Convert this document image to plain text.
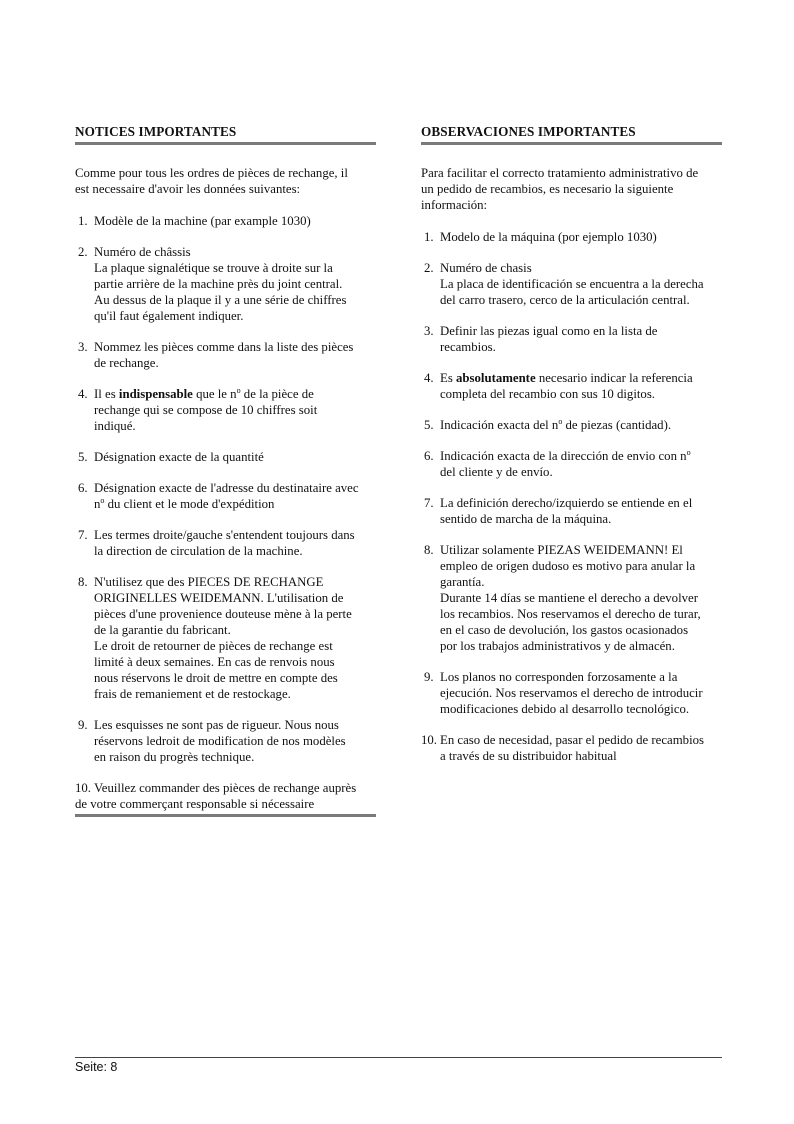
NOTICES IMPORTANTES

Comme pour tous les ordres de pièces de rechange, il
est necessaire d'avoir les données suivantes:

1. Modèle de la machine (par example 1030)
2. Numéro de châssis
La plaque signalétique se trouve à droite sur la
partie arrière de la machine près du joint central.
Au dessus de la plaque il y a une série de chiffres
qu'il faut également indiquer.
3. Nommez les pièces comme dans la liste des pièces
de rechange.
4. Il es indispensable que le $n^o$ de la pièce de
rechange qui se compose de 10 chiffres soit
indiqué.
5. Désignation exacte de la quantité
6. Désignation exacte de l'adresse du destinataire avec
$n^o$ du client et le mode d'expédition
7. Les termes droite/gauche s'entendent toujours dans
la direction de circulation de la machine.
8. N'utilisez que des PIECES DE RECHANGE
ORIGINELLES WEIDEMANN. L'utilisation de
pièces d'une provenience douteuse mène à la perte
de la garantie du fabricant.
Le droit de retourner de pièces de rechange est
limité à deux semaines. En cas de renvois nous
nous réservons le droit de mettre en compte des
frais de remaniement et de restockage.
9. Les esquisses ne sont pas de rigueur. Nous nous
réservons ledroit de modification de nos modèles
en raison du progrès technique.
10. Veuillez commander des pièces de rechange auprès
de votre commerçant responsable si nécessaire
OBSERVACIONES IMPORTANTES

Para facilitar el correcto tratamiento administrativo de
un pedido de recambios, es necesario la siguiente
información:

1. Modelo de la máquina (por ejemplo 1030)
2. Numéro de chasis
La placa de identificación se encuentra a la derecha
del carro trasero, cerco de la articulación central.
3. Definir las piezas igual como en la lista de
recambios.
4. Es absolutamente necesario indicar la referencia
completa del recambio con sus 10 digitos.
5. Indicación exacta del $n^o$ de piezas (cantidad).
6. Indicación exacta de la dirección de envio con $n^o$
del cliente y de envío.
7. La definición derecho/izquierdo se entiende en el
sentido de marcha de la máquina.
8. Utilizar solamente PIEZAS WEIDEMANN! El
empleo de origen dudoso es motivo para anular la
garantía.
Durante 14 días se mantiene el derecho a devolver
los recambios. Nos reservamos el derecho de turar,
en el caso de devolución, los gastos ocasionados
por los trabajos administrativos y de almacén.
9. Los planos no corresponden forzosamente a la
ejecución. Nos reservamos el derecho de introducir
modificaciones debido al desarrollo tecnológico.
10. En caso de necesidad, pasar el pedido de recambios
a través de su distribuidor habitual
Seite: 8
